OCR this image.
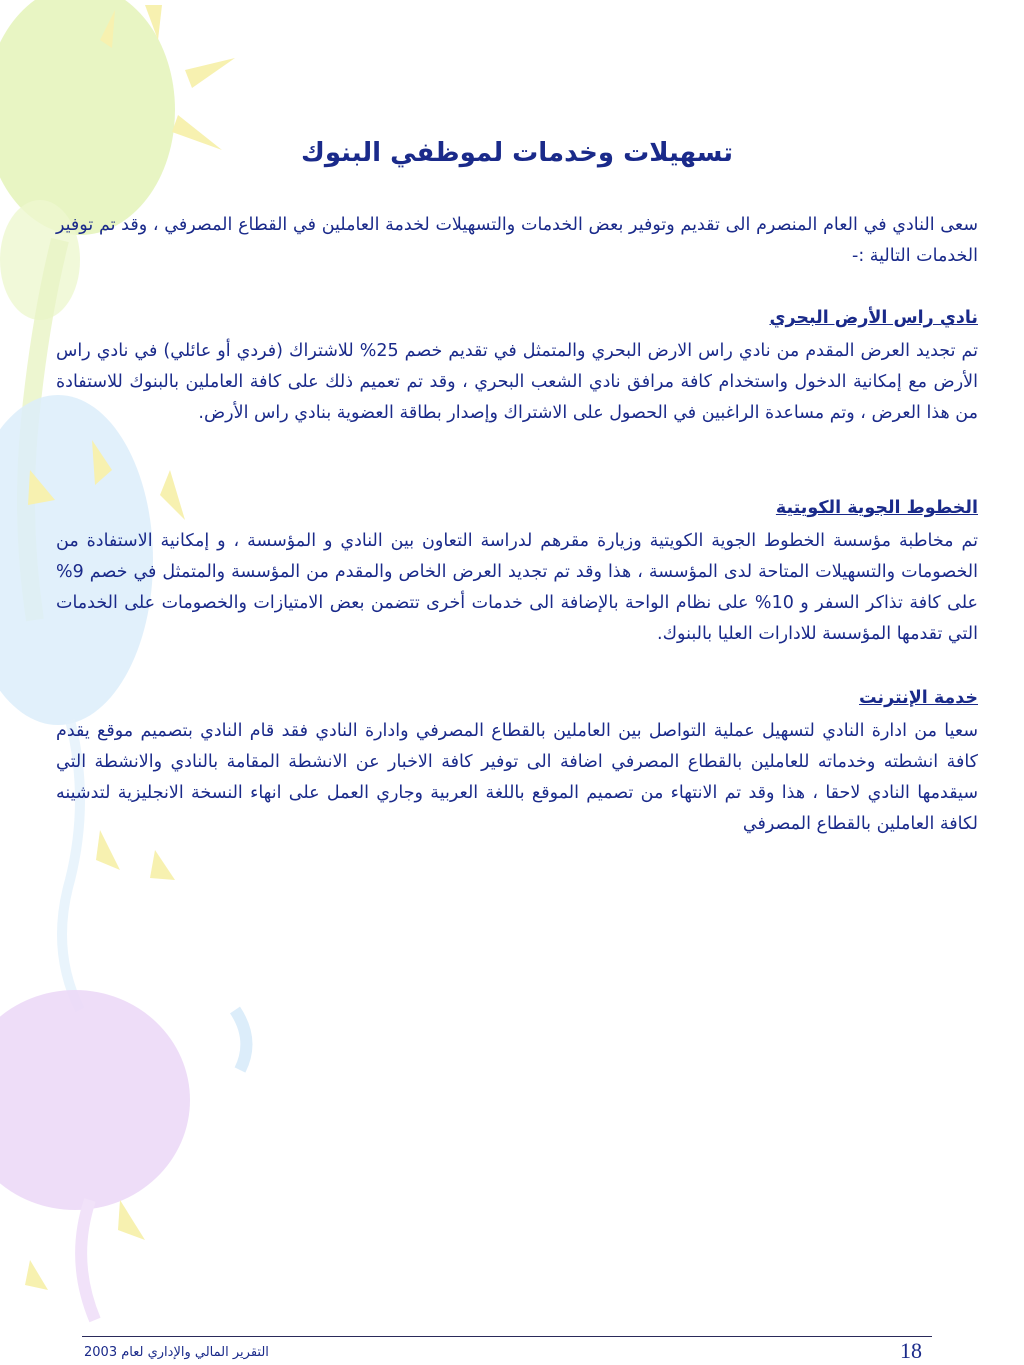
تسهيلات وخدمات لموظفي البنوك

سعى النادي في العام المنصرم الى تقديم وتوفير بعض الخدمات والتسهيلات لخدمة العاملين في القطاع المصرفي ، وقد تم توفير الخدمات التالية :-

نادي راس الأرض البحري

تم تجديد العرض المقدم من نادي راس الارض البحري والمتمثل في تقديم خصم 25% للاشتراك (فردي أو عائلي) في نادي راس الأرض مع إمكانية الدخول واستخدام كافة مرافق نادي الشعب البحري ، وقد تم تعميم ذلك على كافة العاملين بالبنوك للاستفادة من هذا العرض ، وتم مساعدة الراغبين في الحصول على الاشتراك وإصدار بطاقة العضوية بنادي راس الأرض.

الخطوط الجوية الكويتية

تم مخاطبة مؤسسة الخطوط الجوية الكويتية وزيارة مقرهم لدراسة التعاون بين النادي و المؤسسة ، و إمكانية الاستفادة من الخصومات والتسهيلات المتاحة لدى المؤسسة ، هذا وقد تم تجديد العرض الخاص والمقدم من المؤسسة والمتمثل في خصم 9% على كافة تذاكر السفر و 10% على نظام الواحة بالإضافة الى خدمات أخرى تتضمن بعض الامتيازات والخصومات على الخدمات التي تقدمها المؤسسة للادارات العليا بالبنوك.

خدمة الإنترنت

سعيا من ادارة النادي لتسهيل عملية التواصل بين العاملين بالقطاع المصرفي وادارة النادي فقد قام النادي بتصميم موقع يقدم كافة انشطته وخدماته للعاملين بالقطاع المصرفي اضافة الى توفير كافة الاخبار عن الانشطة المقامة بالنادي والانشطة التي سيقدمها النادي لاحقا ، هذا وقد تم الانتهاء من تصميم الموقع باللغة العربية وجاري العمل على انهاء النسخة الانجليزية لتدشينه لكافة العاملين بالقطاع المصرفي

18
التقرير المالي والإداري لعام 2003
